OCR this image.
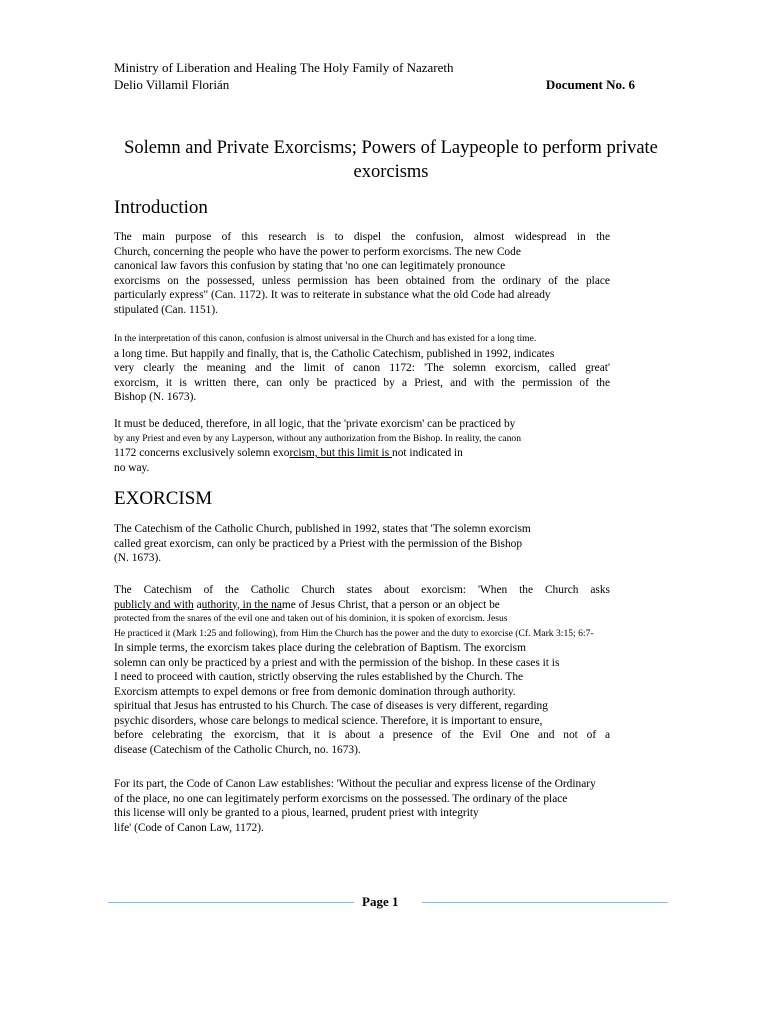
Ministry of Liberation and Healing The Holy Family of Nazareth
Delio Villamil Florián	Document No. 6
Solemn and Private Exorcisms; Powers of Laypeople to perform private exorcisms
Introduction
The main purpose of this research is to dispel the confusion, almost widespread in the
Church, concerning the people who have the power to perform exorcisms. The new Code
canonical law favors this confusion by stating that 'no one can legitimately pronounce
exorcisms on the possessed, unless permission has been obtained from the ordinary of the place
particularly express" (Can. 1172). It was to reiterate in substance what the old Code had already
stipulated (Can. 1151).
In the interpretation of this canon, confusion is almost universal in the Church and has existed for a long time.
a long time. But happily and finally, that is, the Catholic Catechism, published in 1992, indicates
very clearly the meaning and the limit of canon 1172: 'The solemn exorcism, called great'
exorcism, it is written there, can only be practiced by a Priest, and with the permission of the
Bishop (N. 1673).
It must be deduced, therefore, in all logic, that the 'private exorcism' can be practiced by
by any Priest and even by any Layperson, without any authorization from the Bishop. In reality, the canon
1172 concerns exclusively solemn exorcism, but this limit is not indicated in
no way.
EXORCISM
The Catechism of the Catholic Church, published in 1992, states that 'The solemn exorcism
called great exorcism, can only be practiced by a Priest with the permission of the Bishop
(N. 1673).
The Catechism of the Catholic Church states about exorcism: 'When the Church asks
publicly and with authority, in the name of Jesus Christ, that a person or an object be
protected from the snares of the evil one and taken out of his dominion, it is spoken of exorcism. Jesus
He practiced it (Mark 1:25 and following), from Him the Church has the power and the duty to exorcise (Cf. Mark 3:15; 6:7-
In simple terms, the exorcism takes place during the celebration of Baptism. The exorcism
solemn can only be practiced by a priest and with the permission of the bishop. In these cases it is
I need to proceed with caution, strictly observing the rules established by the Church. The
Exorcism attempts to expel demons or free from demonic domination through authority.
spiritual that Jesus has entrusted to his Church. The case of diseases is very different, regarding
psychic disorders, whose care belongs to medical science. Therefore, it is important to ensure,
before celebrating the exorcism, that it is about a presence of the Evil One and not of a
disease (Catechism of the Catholic Church, no. 1673).
For its part, the Code of Canon Law establishes: 'Without the peculiar and express license of the Ordinary
of the place, no one can legitimately perform exorcisms on the possessed. The ordinary of the place
this license will only be granted to a pious, learned, prudent priest with integrity
life' (Code of Canon Law, 1172).
Page 1
